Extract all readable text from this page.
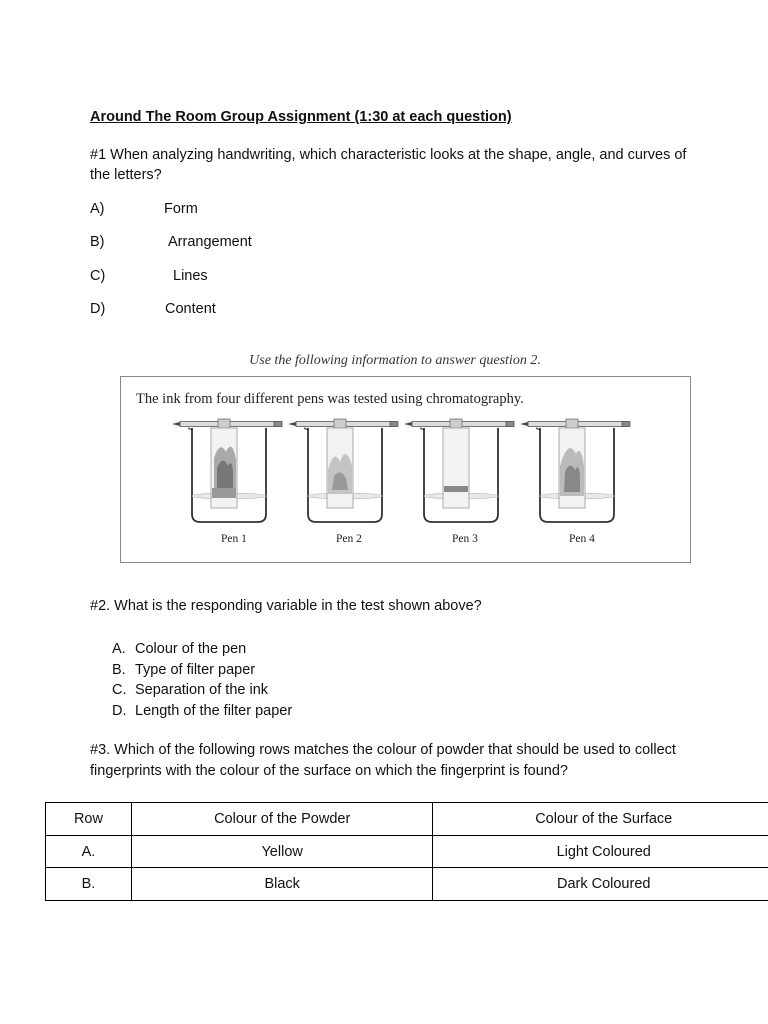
Around The Room Group Assignment (1:30 at each question)
#1 When analyzing handwriting, which characteristic looks at the shape, angle, and curves of the letters?
A)	Form
B)	Arrangement
C)	Lines
D)	Content
Use the following information to answer question 2.
The ink from four different pens was tested using chromatography.
Pen 1	Pen 2	Pen 3	Pen 4
#2. What is the responding variable in the test shown above?
A. Colour of the pen
B. Type of filter paper
C. Separation of the ink
D. Length of the filter paper
#3. Which of the following rows matches the colour of powder that should be used to collect fingerprints with the colour of the surface on which the fingerprint is found?
Row	Colour of the Powder	Colour of the Surface
A.	Yellow	Light Coloured
B.	Black	Dark Coloured
